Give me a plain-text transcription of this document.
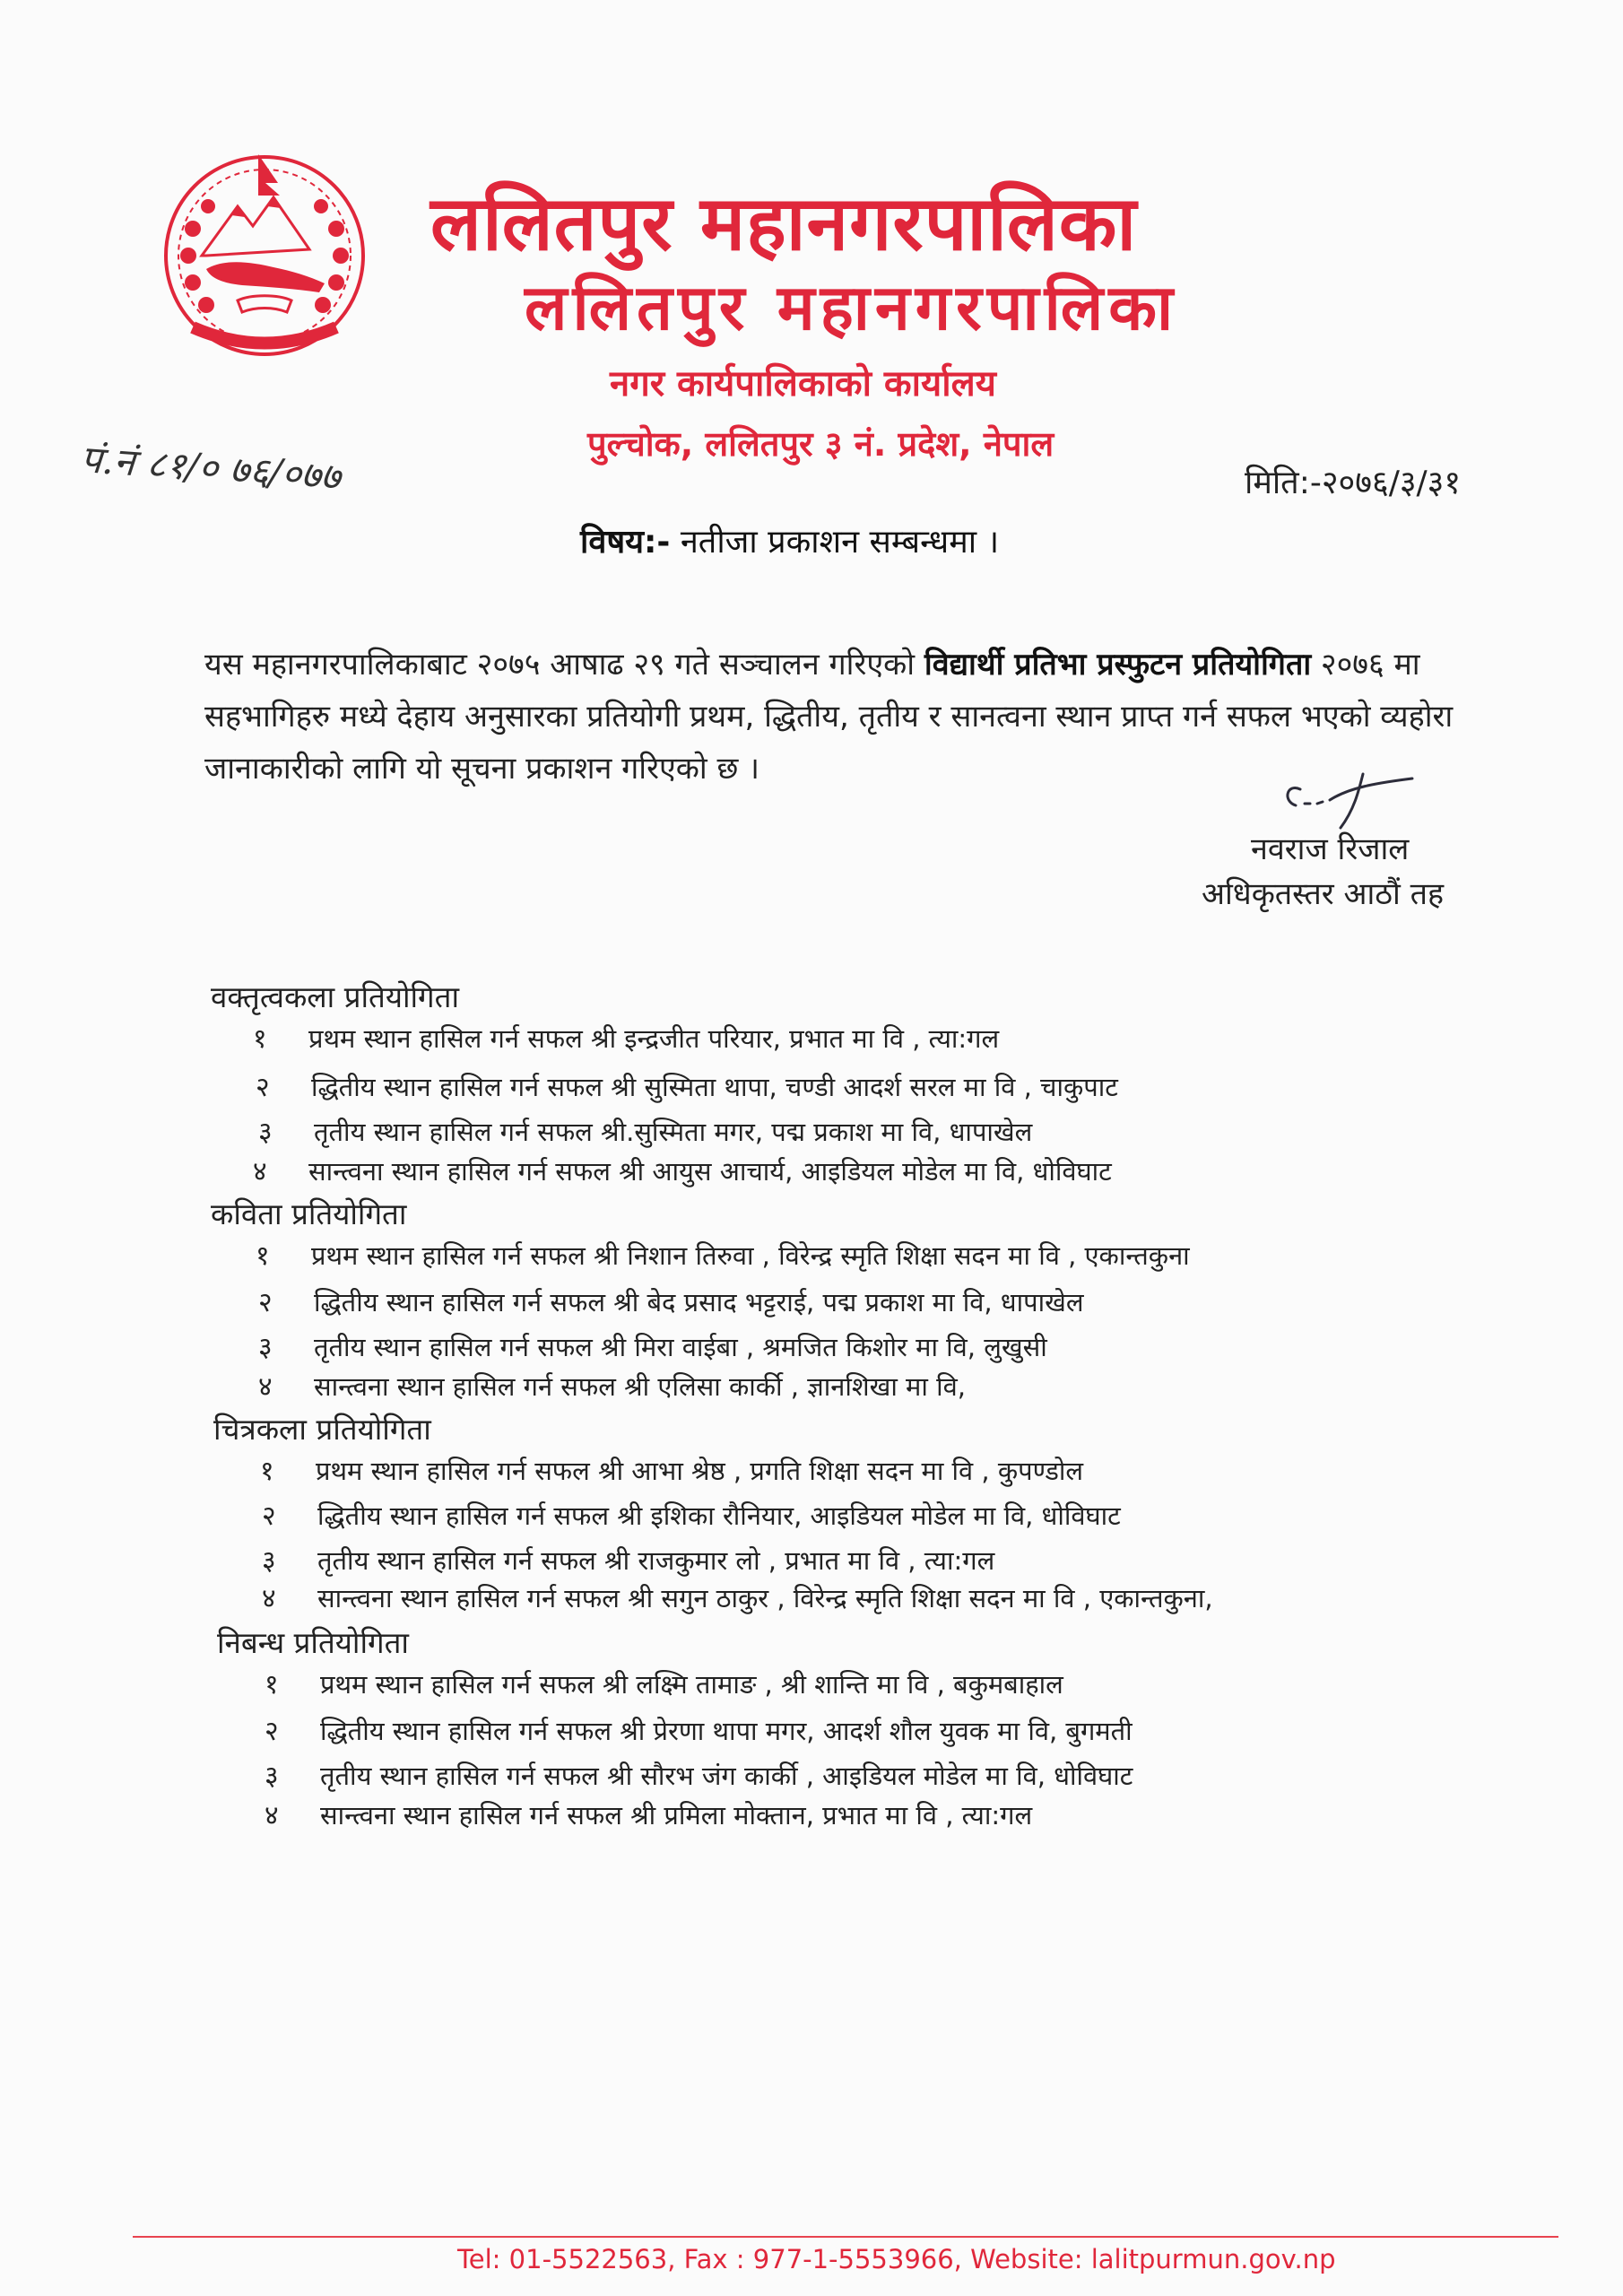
ललितपुर महानगरपालिका
ललितपुर महानगरपालिका
नगर कार्यपालिकाको कार्यालय
पुल्चोक, ललितपुर ३ नं. प्रदेश, नेपाल
पं.नं ८१/० ७६/०७७	मिति:-२०७६/३/३१
विषय:- नतीजा प्रकाशन सम्बन्धमा ।
यस महानगरपालिकाबाट २०७५ आषाढ २९ गते सञ्चालन गरिएको विद्यार्थी प्रतिभा प्रस्फुटन प्रतियोगिता २०७६ मा सहभागिहरु मध्ये देहाय अनुसारका प्रतियोगी प्रथम, द्धितीय, तृतीय र सानत्वना स्थान प्राप्त गर्न सफल भएको व्यहोरा जानाकारीको लागि यो सूचना प्रकाशन गरिएको छ ।
नवराज रिजाल
अधिकृतस्तर आठौं तह
वक्तृत्वकला प्रतियोगिता
१ प्रथम स्थान हासिल गर्न सफल श्री इन्द्रजीत परियार, प्रभात मा वि , त्या:गल
२ द्धितीय स्थान हासिल गर्न सफल श्री सुस्मिता थापा, चण्डी आदर्श सरल मा वि , चाकुपाट
३ तृतीय स्थान हासिल गर्न सफल श्री.सुस्मिता मगर, पद्म प्रकाश मा वि, धापाखेल
४ सान्त्वना स्थान हासिल गर्न सफल श्री आयुस आचार्य, आइडियल मोडेल मा वि, धोविघाट
कविता प्रतियोगिता
१ प्रथम स्थान हासिल गर्न सफल श्री निशान तिरुवा , विरेन्द्र स्मृति शिक्षा सदन मा वि , एकान्तकुना
२ द्धितीय स्थान हासिल गर्न सफल श्री बेद प्रसाद भट्टराई, पद्म प्रकाश मा वि, धापाखेल
३ तृतीय स्थान हासिल गर्न सफल श्री मिरा वाईबा , श्रमजित किशोर मा वि, लुखुसी
४ सान्त्वना स्थान हासिल गर्न सफल श्री एलिसा कार्की , ज्ञानशिखा मा वि,
चित्रकला प्रतियोगिता
१ प्रथम स्थान हासिल गर्न सफल श्री आभा श्रेष्ठ , प्रगति शिक्षा सदन मा वि , कुपण्डोल
२ द्धितीय स्थान हासिल गर्न सफल श्री इशिका रौनियार, आइडियल मोडेल मा वि, धोविघाट
३ तृतीय स्थान हासिल गर्न सफल श्री राजकुमार लो , प्रभात मा वि , त्या:गल
४ सान्त्वना स्थान हासिल गर्न सफल श्री सगुन ठाकुर , विरेन्द्र स्मृति शिक्षा सदन मा वि , एकान्तकुना,
निबन्ध प्रतियोगिता
१ प्रथम स्थान हासिल गर्न सफल श्री लक्ष्मि तामाङ , श्री शान्ति मा वि , बकुमबाहाल
२ द्धितीय स्थान हासिल गर्न सफल श्री प्रेरणा थापा मगर, आदर्श शौल युवक मा वि, बुगमती
३ तृतीय स्थान हासिल गर्न सफल श्री सौरभ जंग कार्की , आइडियल मोडेल मा वि, धोविघाट
४ सान्त्वना स्थान हासिल गर्न सफल श्री प्रमिला मोक्तान, प्रभात मा वि , त्या:गल
Tel: 01-5522563, Fax : 977-1-5553966, Website: lalitpurmun.gov.np
